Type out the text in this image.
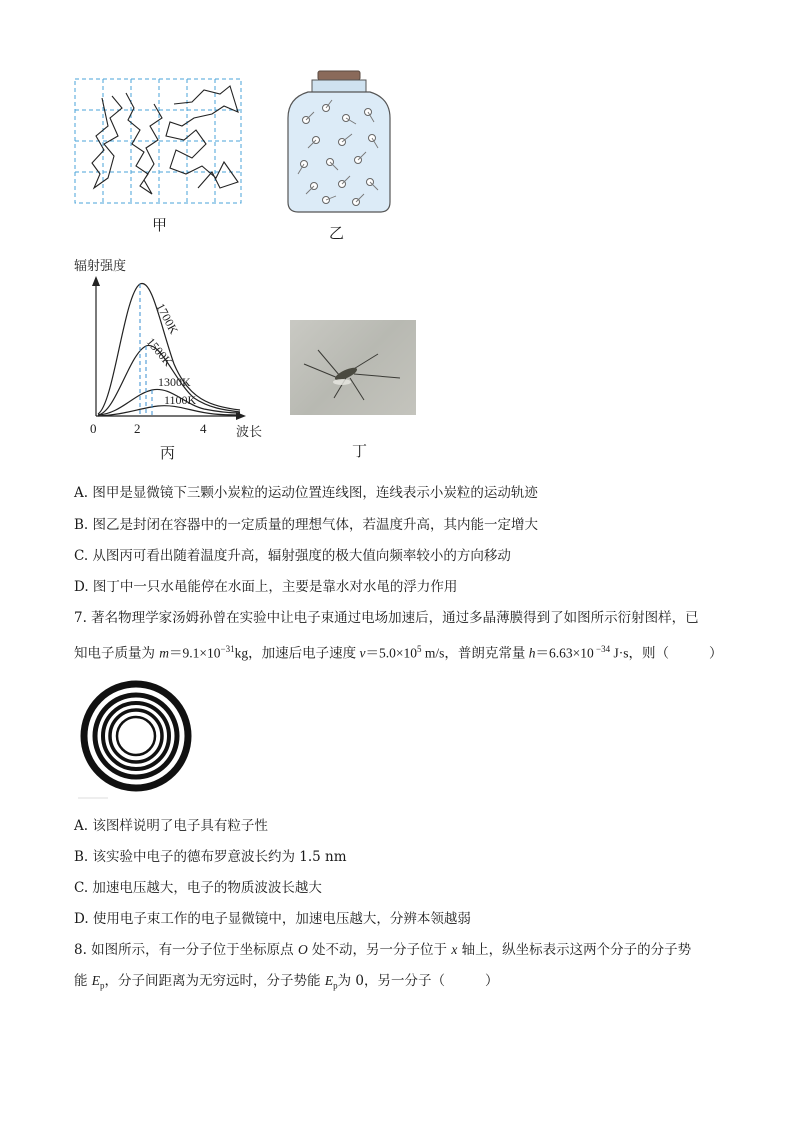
甲	乙
辐射强度
1700K
1500K
1300K
1100K
0	2	4 波长
丙	丁
A. 图甲是显微镜下三颗小炭粒的运动位置连线图，连线表示小炭粒的运动轨迹
B. 图乙是封闭在容器中的一定质量的理想气体，若温度升高，其内能一定增大
C. 从图丙可看出随着温度升高，辐射强度的极大值向频率较小的方向移动
D. 图丁中一只水黾能停在水面上，主要是靠水对水黾的浮力作用
7. 著名物理学家汤姆孙曾在实验中让电子束通过电场加速后，通过多晶薄膜得到了如图所示衍射图样，已
知电子质量为 $m=9.1\times 10^{-31}kg$，加速后电子速度 $v=5.0\times 10^5$ m/s，普朗克常量 h＝6.63×10 $^{-34}$ J·s，则（	）
A. 该图样说明了电子具有粒子性
B. 该实验中电子的德布罗意波长约为 1.5 nm
C. 加速电压越大，电子的物质波波长越大
D. 使用电子束工作的电子显微镜中，加速电压越大，分辨本领越弱
8. 如图所示，有一分子位于坐标原点 O 处不动，另一分子位于 x 轴上，纵坐标表示这两个分子的分子势
能 $E_p$，分子间距离为无穷远时，分子势能 $E_p$为 0，另一分子（	）
